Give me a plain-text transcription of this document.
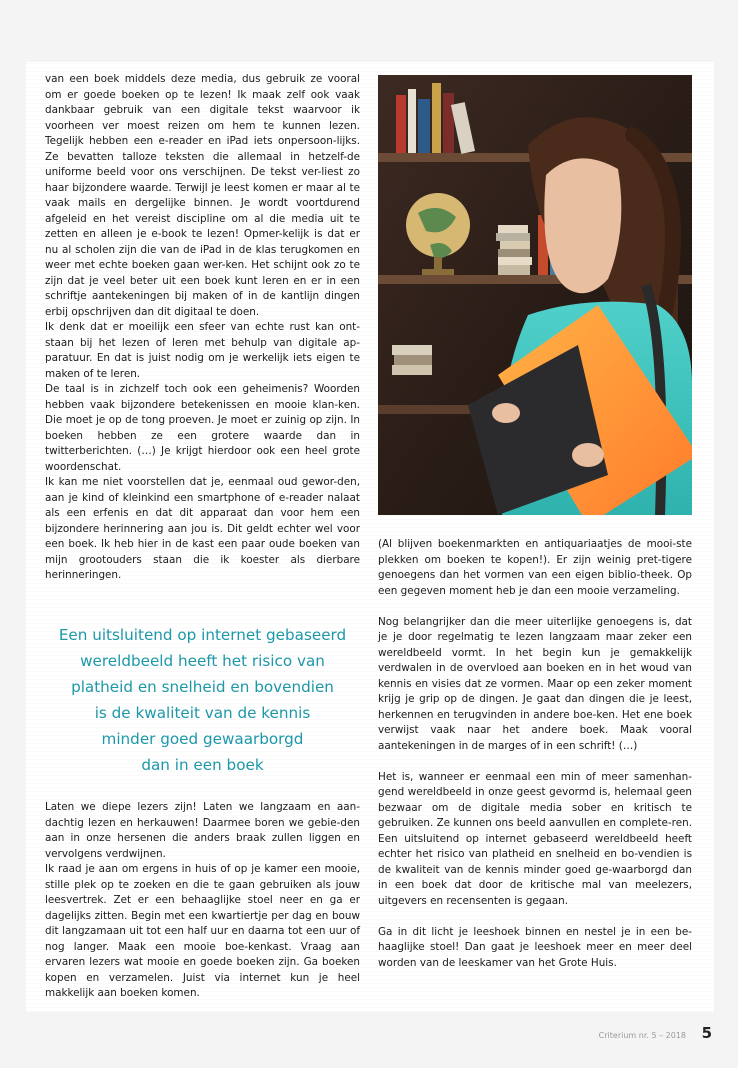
van een boek middels deze media, dus gebruik ze vooral om er goede boeken op te lezen! Ik maak zelf ook vaak dankbaar gebruik van een digitale tekst waarvoor ik voorheen ver moest reizen om hem te kunnen lezen. Tegelijk hebben een e-reader en iPad iets onpersoon-lijks. Ze bevatten talloze teksten die allemaal in hetzelf-de uniforme beeld voor ons verschijnen. De tekst ver-liest zo haar bijzondere waarde. Terwijl je leest komen er maar al te vaak mails en dergelijke binnen. Je wordt voortdurend afgeleid en het vereist discipline om al die media uit te zetten en alleen je e-book te lezen! Opmer-kelijk is dat er nu al scholen zijn die van de iPad in de klas terugkomen en weer met echte boeken gaan wer-ken. Het schijnt ook zo te zijn dat je veel beter uit een boek kunt leren en er in een schriftje aantekeningen bij maken of in de kantlijn dingen erbij opschrijven dan dit digitaal te doen.

Ik denk dat er moeilijk een sfeer van echte rust kan ont-staan bij het lezen of leren met behulp van digitale ap-paratuur. En dat is juist nodig om je werkelijk iets eigen te maken of te leren.

De taal is in zichzelf toch ook een geheimenis? Woorden hebben vaak bijzondere betekenissen en mooie klan-ken. Die moet je op de tong proeven. Je moet er zuinig op zijn. In boeken hebben ze een grotere waarde dan in twitterberichten. (…) Je krijgt hierdoor ook een heel grote woordenschat.

Ik kan me niet voorstellen dat je, eenmaal oud gewor-den, aan je kind of kleinkind een smartphone of e-reader nalaat als een erfenis en dat dit apparaat dan voor hem een bijzondere herinnering aan jou is. Dit geldt echter wel voor een boek. Ik heb hier in de kast een paar oude boeken van mijn grootouders staan die ik koester als dierbare herinneringen.

Een uitsluitend op internet gebaseerd
wereldbeeld heeft het risico van
platheid en snelheid en bovendien
is de kwaliteit van de kennis
minder goed gewaarborgd
dan in een boek

Laten we diepe lezers zijn! Laten we langzaam en aan-dachtig lezen en herkauwen! Daarmee boren we gebie-den aan in onze hersenen die anders braak zullen liggen en vervolgens verdwijnen.

Ik raad je aan om ergens in huis of op je kamer een mooie, stille plek op te zoeken en die te gaan gebruiken als jouw leesvertrek. Zet er een behaaglijke stoel neer en ga er dagelijks zitten. Begin met een kwartiertje per dag en bouw dit langzamaan uit tot een half uur en daarna tot een uur of nog langer. Maak een mooie boe-kenkast. Vraag aan ervaren lezers wat mooie en goede boeken zijn. Ga boeken kopen en verzamelen. Juist via internet kun je heel makkelijk aan boeken komen.

(Al blijven boekenmarkten en antiquariaatjes de mooi-ste plekken om boeken te kopen!). Er zijn weinig pret-tigere genoegens dan het vormen van een eigen biblio-theek. Op een gegeven moment heb je dan een mooie verzameling.

Nog belangrijker dan die meer uiterlijke genoegens is, dat je je door regelmatig te lezen langzaam maar zeker een wereldbeeld vormt. In het begin kun je gemakkelijk verdwalen in de overvloed aan boeken en in het woud van kennis en visies dat ze vormen. Maar op een zeker moment krijg je grip op de dingen. Je gaat dan dingen die je leest, herkennen en terugvinden in andere boe-ken. Het ene boek verwijst vaak naar het andere boek. Maak vooral aantekeningen in de marges of in een schrift! (…)

Het is, wanneer er eenmaal een min of meer samenhan-gend wereldbeeld in onze geest gevormd is, helemaal geen bezwaar om de digitale media sober en kritisch te gebruiken. Ze kunnen ons beeld aanvullen en complete-ren. Een uitsluitend op internet gebaseerd wereldbeeld heeft echter het risico van platheid en snelheid en bo-vendien is de kwaliteit van de kennis minder goed ge-waarborgd dan in een boek dat door de kritische mal van meelezers, uitgevers en recensenten is gegaan.

Ga in dit licht je leeshoek binnen en nestel je in een be-haaglijke stoel! Dan gaat je leeshoek meer en meer deel worden van de leeskamer van het Grote Huis.

Criterium nr. 5 – 2018 5
